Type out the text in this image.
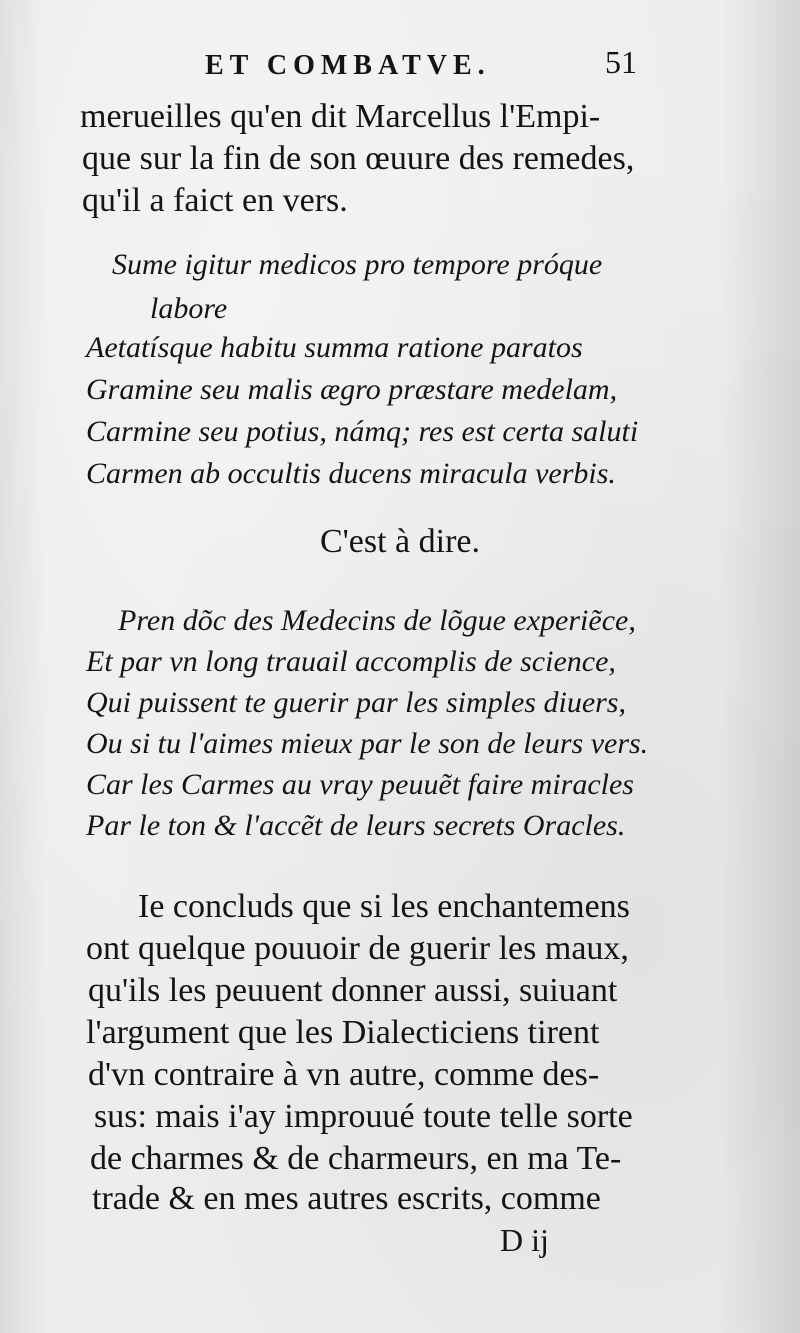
ET COMBATVE.	51
merueilles qu'en dit Marcellus l'Empi-
que sur la fin de son œuure des remedes,
qu'il a faict en vers.
Sume igitur medicos pro tempore próque
labore
Aetatísque habitu summa ratione paratos
Gramine seu malis ægro præstare medelam,
Carmine seu potius, námq; res est certa saluti
Carmen ab occultis ducens miracula verbis.
C'est à dire.
Pren dõc des Medecins de lõgue experiẽce,
Et par vn long trauail accomplis de science,
Qui puissent te guerir par les simples diuers,
Ou si tu l'aimes mieux par le son de leurs vers.
Car les Carmes au vray peuuẽt faire miracles
Par le ton & l'accẽt de leurs secrets Oracles.
Ie concluds que si les enchantemens
ont quelque pouuoir de guerir les maux,
qu'ils les peuuent donner aussi, suiuant
l'argument que les Dialecticiens tirent
d'vn contraire à vn autre, comme des-
sus: mais i'ay improuué toute telle sorte
de charmes & de charmeurs, en ma Te-
trade & en mes autres escrits, comme
D ij
